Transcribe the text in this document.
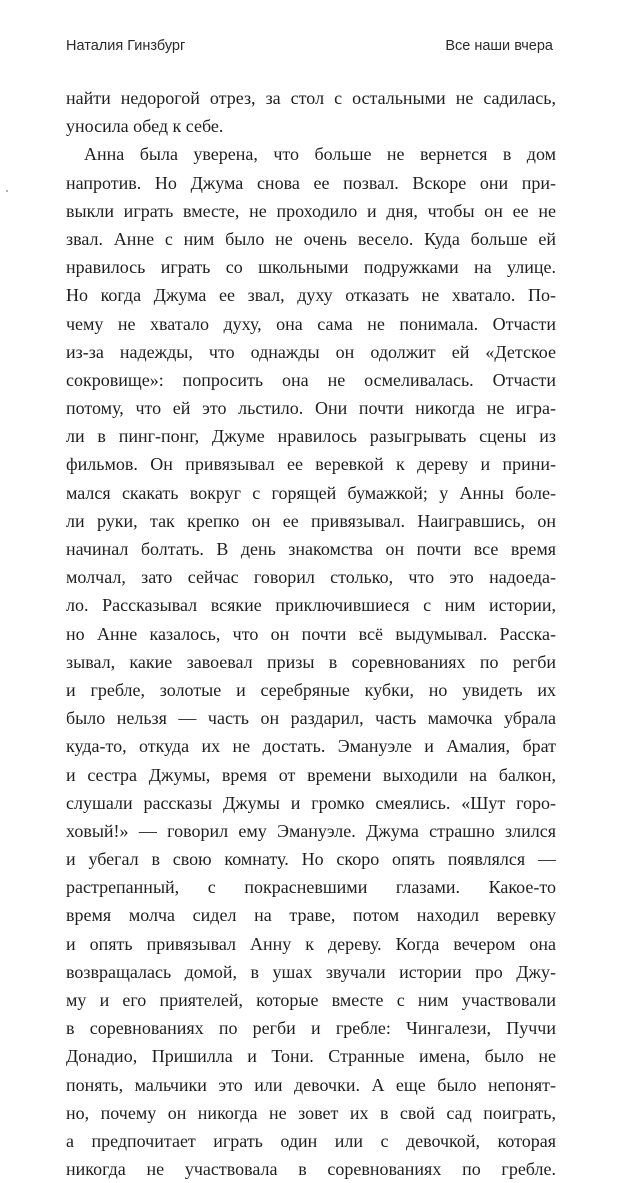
Наталия Гинзбург	Все наши вчера
найти недорогой отрез, за стол с остальными не садилась,
уносила обед к себе.
Анна была уверена, что больше не вернется в дом
напротив. Но Джума снова ее позвал. Вскоре они при-
выкли играть вместе, не проходило и дня, чтобы он ее не
звал. Анне с ним было не очень весело. Куда больше ей
нравилось играть со школьными подружками на улице.
Но когда Джума ее звал, духу отказать не хватало. По-
чему не хватало духу, она сама не понимала. Отчасти
из-за надежды, что однажды он одолжит ей «Детское
сокровище»: попросить она не осмеливалась. Отчасти
потому, что ей это льстило. Они почти никогда не игра-
ли в пинг-понг, Джуме нравилось разыгрывать сцены из
фильмов. Он привязывал ее веревкой к дереву и прини-
мался скакать вокруг с горящей бумажкой; у Анны боле-
ли руки, так крепко он ее привязывал. Наигравшись, он
начинал болтать. В день знакомства он почти все время
молчал, зато сейчас говорил столько, что это надоеда-
ло. Рассказывал всякие приключившиеся с ним истории,
но Анне казалось, что он почти всё выдумывал. Расска-
зывал, какие завоевал призы в соревнованиях по регби
и гребле, золотые и серебряные кубки, но увидеть их
было нельзя — часть он раздарил, часть мамочка убрала
куда-то, откуда их не достать. Эмануэле и Амалия, брат
и сестра Джумы, время от времени выходили на балкон,
слушали рассказы Джумы и громко смеялись. «Шут горо-
ховый!» — говорил ему Эмануэле. Джума страшно злился
и убегал в свою комнату. Но скоро опять появлялся —
растрепанный, с покрасневшими глазами. Какое-то
время молча сидел на траве, потом находил веревку
и опять привязывал Анну к дереву. Когда вечером она
возвращалась домой, в ушах звучали истории про Джу-
му и его приятелей, которые вместе с ним участвовали
в соревнованиях по регби и гребле: Чингалези, Пуччи
Донадио, Пришилла и Тони. Странные имена, было не
понять, мальчики это или девочки. А еще было непонят-
но, почему он никогда не зовет их в свой сад поиграть,
а предпочитает играть один или с девочкой, которая
никогда не участвовала в соревнованиях по гребле.
